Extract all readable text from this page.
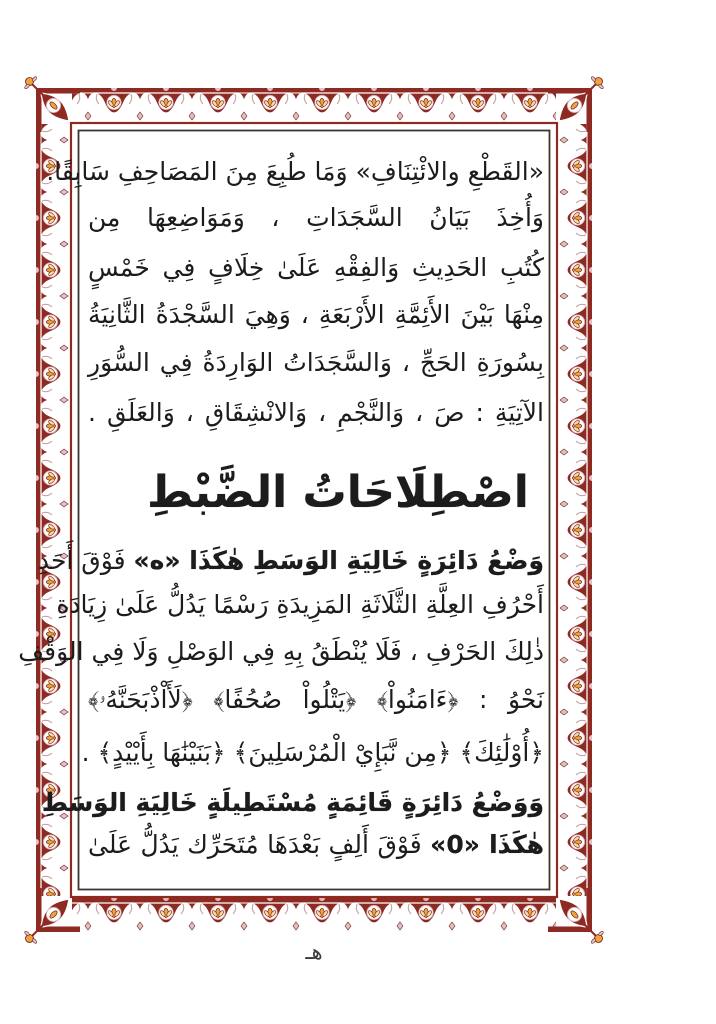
«القَطْعِ والائْتِنَافِ» وَمَا طُبِعَ مِنَ المَصَاحِفِ سَابِقًا.
وَأُخِذَ بَيَانُ السَّجَدَاتِ ، وَمَوَاضِعِهَا مِن
كُتُبِ الحَدِيثِ وَالفِقْهِ عَلَىٰ خِلَافٍ فِي خَمْسٍ
مِنْهَا بَيْنَ الأَئِمَّةِ الأَرْبَعَةِ ، وَهِيَ السَّجْدَةُ الثَّانِيَةُ
بِسُورَةِ الحَجِّ ، وَالسَّجَدَاتُ الوَارِدَةُ فِي السُّوَرِ
الآتِيَةِ : صَ ، وَالنَّجْمِ ، وَالانْشِقَاقِ ، وَالعَلَقِ .
اصْطِلَاحَاتُ الضَّبْطِ
وَضْعُ دَائِرَةٍ خَالِيَةِ الوَسَطِ هٰكَذَا «ه» فَوْقَ أَحَدِ
أَحْرُفِ العِلَّةِ الثَّلَاثَةِ المَزِيدَةِ رَسْمًا يَدُلُّ عَلَىٰ زِيَادَةِ
ذٰلِكَ الحَرْفِ ، فَلَا يُنْطَقُ بِهِ فِي الوَصْلِ وَلَا فِي الوَقْفِ
نَحْوُ : ﴿ءَامَنُواْ﴾ ﴿يَتْلُواْ صُحُفًا﴾ ﴿لَأَاْذْبَحَنَّهُۥ﴾
﴿أُوْلَٰئِكَ﴾ ﴿مِن نَّبَإِيْ الْمُرْسَلِينَ﴾ ﴿بَنَيْنَٰهَا بِأَيْيْدٍ﴾ .
وَوَضْعُ دَائِرَةٍ قَائِمَةٍ مُسْتَطِيلَةٍ خَالِيَةِ الوَسَطِ
هٰكَذَا «0» فَوْقَ أَلِفٍ بَعْدَهَا مُتَحَرِّك يَدُلُّ عَلَىٰ
هـ
